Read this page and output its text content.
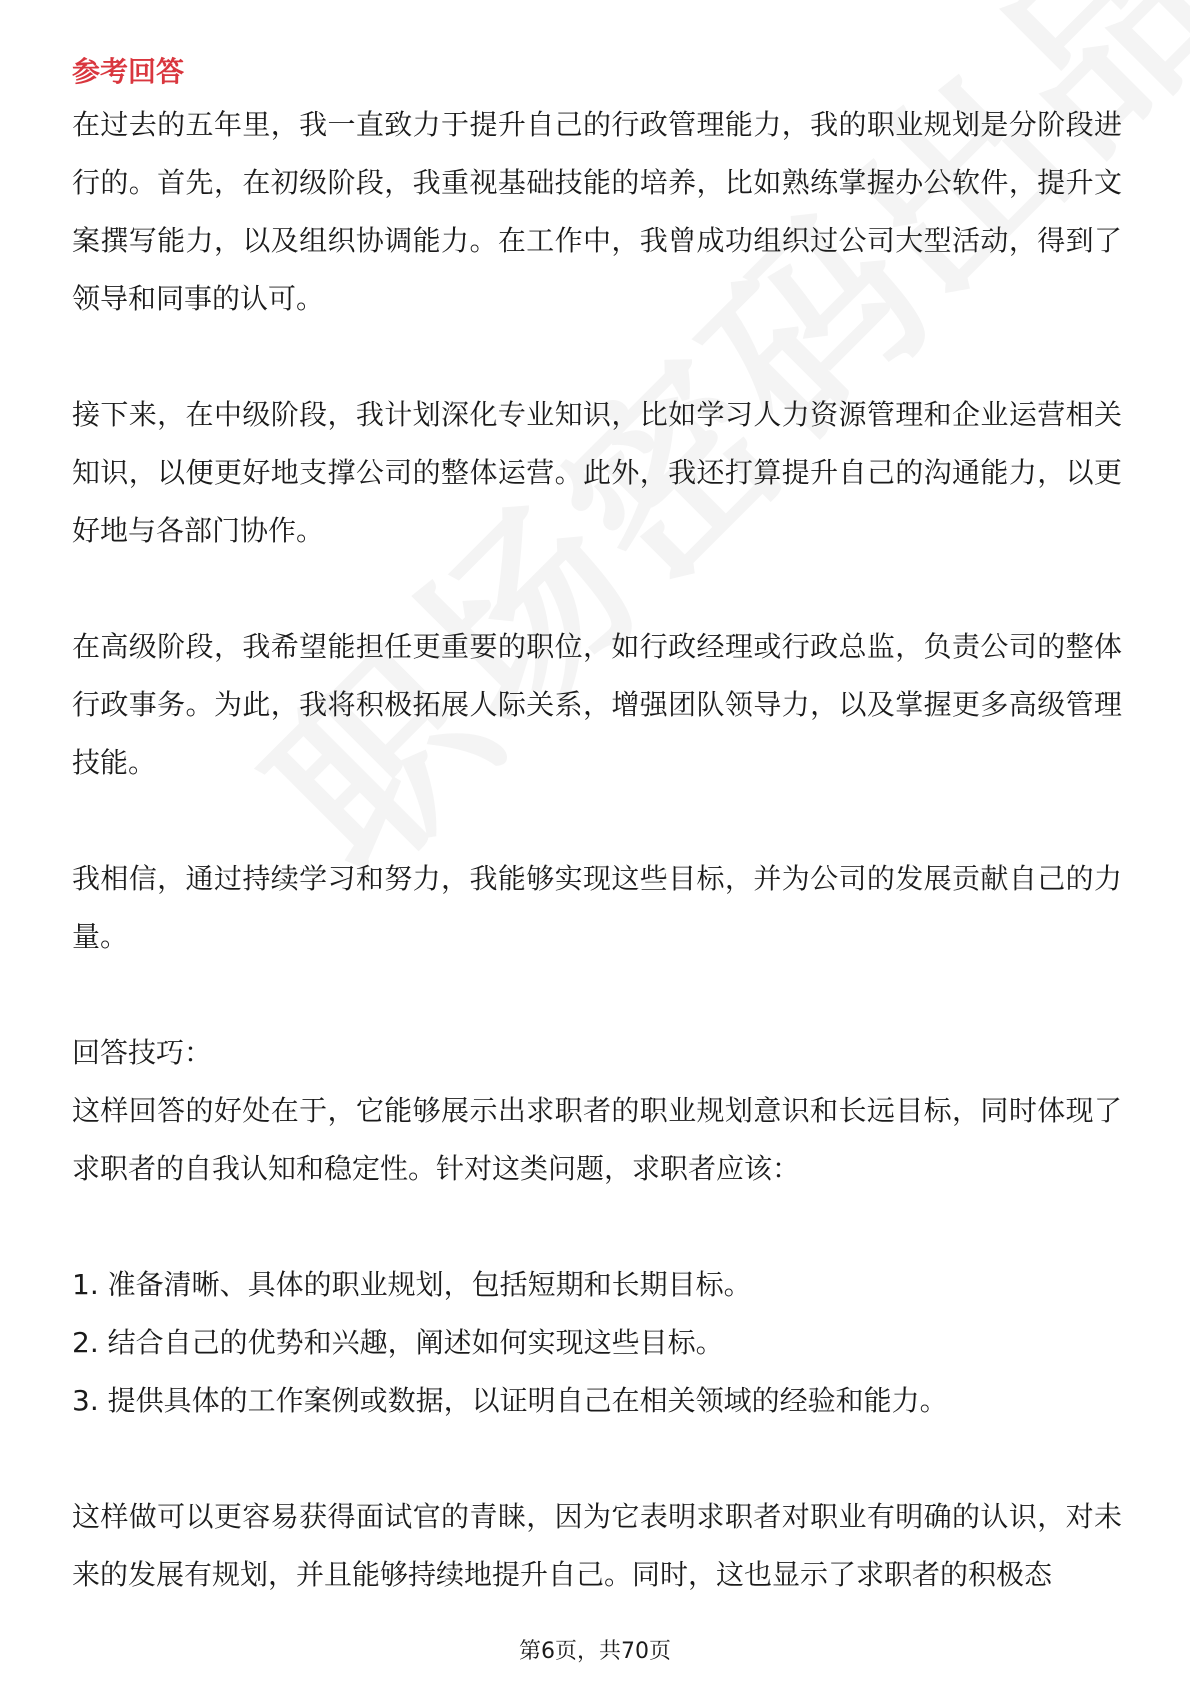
参考回答

在过去的五年里，我一直致力于提升自己的行政管理能力，我的职业规划是分阶段进行的。首先，在初级阶段，我重视基础技能的培养，比如熟练掌握办公软件，提升文案撰写能力，以及组织协调能力。在工作中，我曾成功组织过公司大型活动，得到了领导和同事的认可。

接下来，在中级阶段，我计划深化专业知识，比如学习人力资源管理和企业运营相关知识，以便更好地支撑公司的整体运营。此外，我还打算提升自己的沟通能力，以更好地与各部门协作。

在高级阶段，我希望能担任更重要的职位，如行政经理或行政总监，负责公司的整体行政事务。为此，我将积极拓展人际关系，增强团队领导力，以及掌握更多高级管理技能。

我相信，通过持续学习和努力，我能够实现这些目标，并为公司的发展贡献自己的力量。

回答技巧：

这样回答的好处在于，它能够展示出求职者的职业规划意识和长远目标，同时体现了求职者的自我认知和稳定性。针对这类问题，求职者应该：

1. 准备清晰、具体的职业规划，包括短期和长期目标。

2. 结合自己的优势和兴趣，阐述如何实现这些目标。

3. 提供具体的工作案例或数据，以证明自己在相关领域的经验和能力。

这样做可以更容易获得面试官的青睐，因为它表明求职者对职业有明确的认识，对未来的发展有规划，并且能够持续地提升自己。同时，这也显示了求职者的积极态

第6页，共70页
